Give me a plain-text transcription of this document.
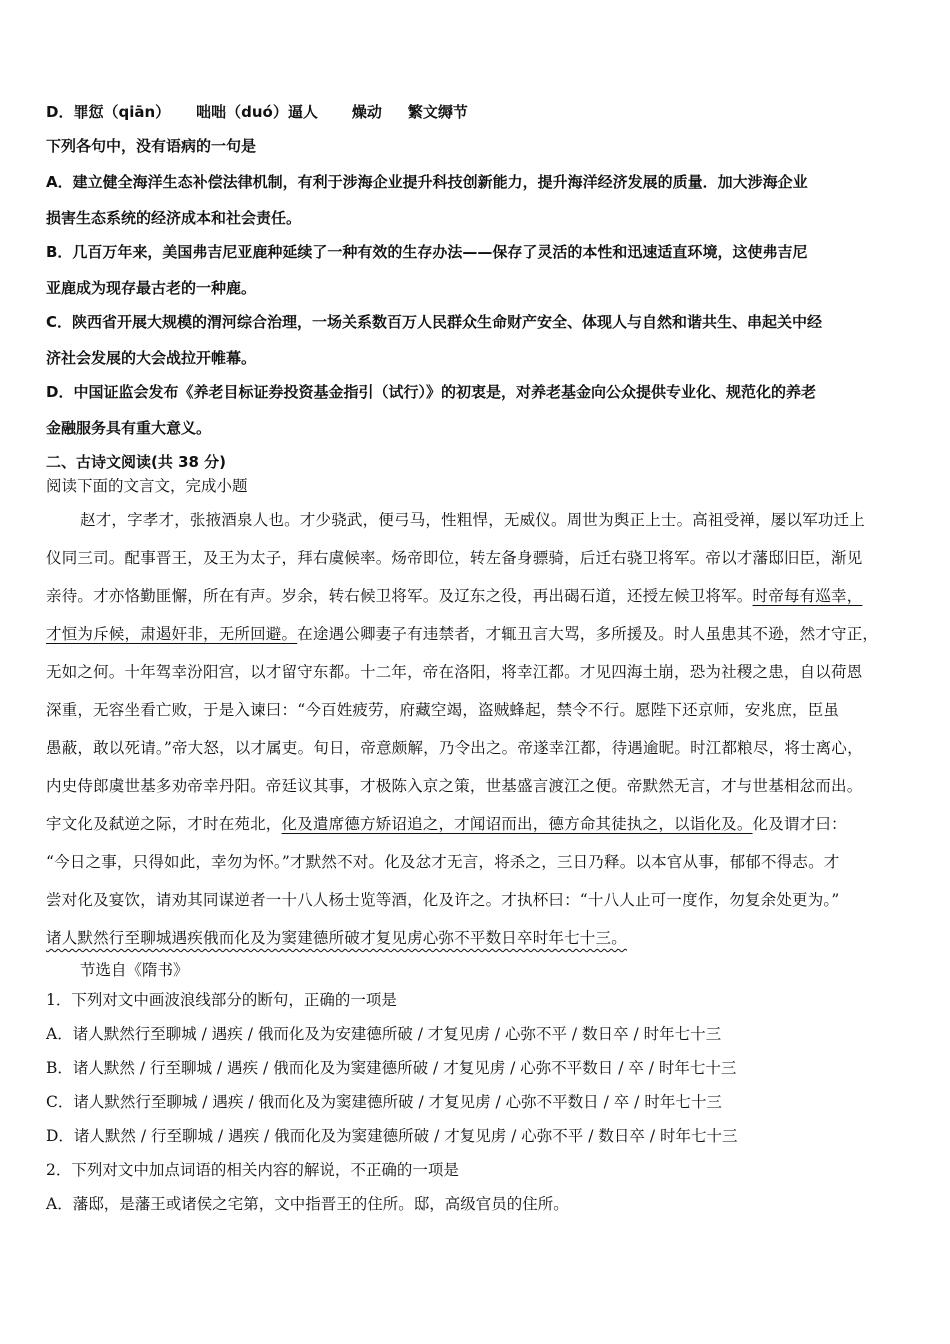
D．罪愆（qiān） 咄咄（duó）逼人 燥动 繁文缛节
下列各句中，没有语病的一句是
A．建立健全海洋生态补偿法律机制，有利于涉海企业提升科技创新能力，提升海洋经济发展的质量．加大涉海企业
损害生态系统的经济成本和社会责任。
B．几百万年来，美国弗吉尼亚鹿种延续了一种有效的生存办法——保存了灵活的本性和迅速适直环境，这使弗吉尼
亚鹿成为现存最古老的一种鹿。
C．陕西省开展大规模的渭河综合治理，一场关系数百万人民群众生命财产安全、体现人与自然和谐共生、串起关中经
济社会发展的大会战拉开帷幕。
D．中国证监会发布《养老目标证券投资基金指引（试行）》的初衷是，对养老基金向公众提供专业化、规范化的养老
金融服务具有重大意义。
二、古诗文阅读(共 38 分)
阅读下面的文言文，完成小题
赵才，字孝才，张掖酒泉人也。才少骁武，便弓马，性粗悍，无威仪。周世为舆正上士。高祖受禅，屡以军功迁上
仪同三司。配事晋王，及王为太子，拜右虞候率。炀帝即位，转左备身骠骑，后迁右骁卫将军。帝以才藩邸旧臣，渐见
亲待。才亦恪勤匪懈，所在有声。岁余，转右候卫将军。及辽东之役，再出碣石道，还授左候卫将军。时帝每有巡幸，
才恒为斥候，肃遏奸非，无所回避。在途遇公卿妻子有违禁者，才辄丑言大骂，多所援及。时人虽患其不逊，然才守正，
无如之何。十年驾幸汾阳宫，以才留守东都。十二年，帝在洛阳，将幸江都。才见四海土崩，恐为社稷之患，自以荷恩
深重，无容坐看亡败，于是入谏曰：“今百姓疲劳，府藏空竭，盗贼蜂起，禁令不行。愿陛下还京师，安兆庶，臣虽
愚蔽，敢以死请。”帝大怒，以才属吏。旬日，帝意颇解，乃令出之。帝遂幸江都，待遇逾昵。时江都粮尽，将士离心，
内史侍郎虞世基多劝帝幸丹阳。帝廷议其事，才极陈入京之策，世基盛言渡江之便。帝默然无言，才与世基相忿而出。
宇文化及弑逆之际，才时在苑北，化及遣席德方矫诏追之，才闻诏而出，德方命其徒执之，以诣化及。化及谓才曰：
“今日之事，只得如此，幸勿为怀。”才默然不对。化及忿才无言，将杀之，三日乃释。以本官从事，郁郁不得志。才
尝对化及宴饮，请劝其同谋逆者一十八人杨士览等酒，化及许之。才执杯曰：“十八人止可一度作，勿复余处更为。”
诸人默然行至聊城遇疾俄而化及为窦建德所破才复见虏心弥不平数日卒时年七十三。
节选自《隋书》
1．下列对文中画波浪线部分的断句，正确的一项是
A．诸人默然行至聊城 / 遇疾 / 俄而化及为安建德所破 / 才复见虏 / 心弥不平 / 数日卒 / 时年七十三
B．诸人默然 / 行至聊城 / 遇疾 / 俄而化及为窦建德所破 / 才复见虏 / 心弥不平数日 / 卒 / 时年七十三
C．诸人默然行至聊城 / 遇疾 / 俄而化及为窦建德所破 / 才复见虏 / 心弥不平数日 / 卒 / 时年七十三
D．诸人默然 / 行至聊城 / 遇疾 / 俄而化及为窦建德所破 / 才复见虏 / 心弥不平 / 数日卒 / 时年七十三
2．下列对文中加点词语的相关内容的解说，不正确的一项是
A．藩邸，是藩王或诸侯之宅第，文中指晋王的住所。邸，高级官员的住所。
